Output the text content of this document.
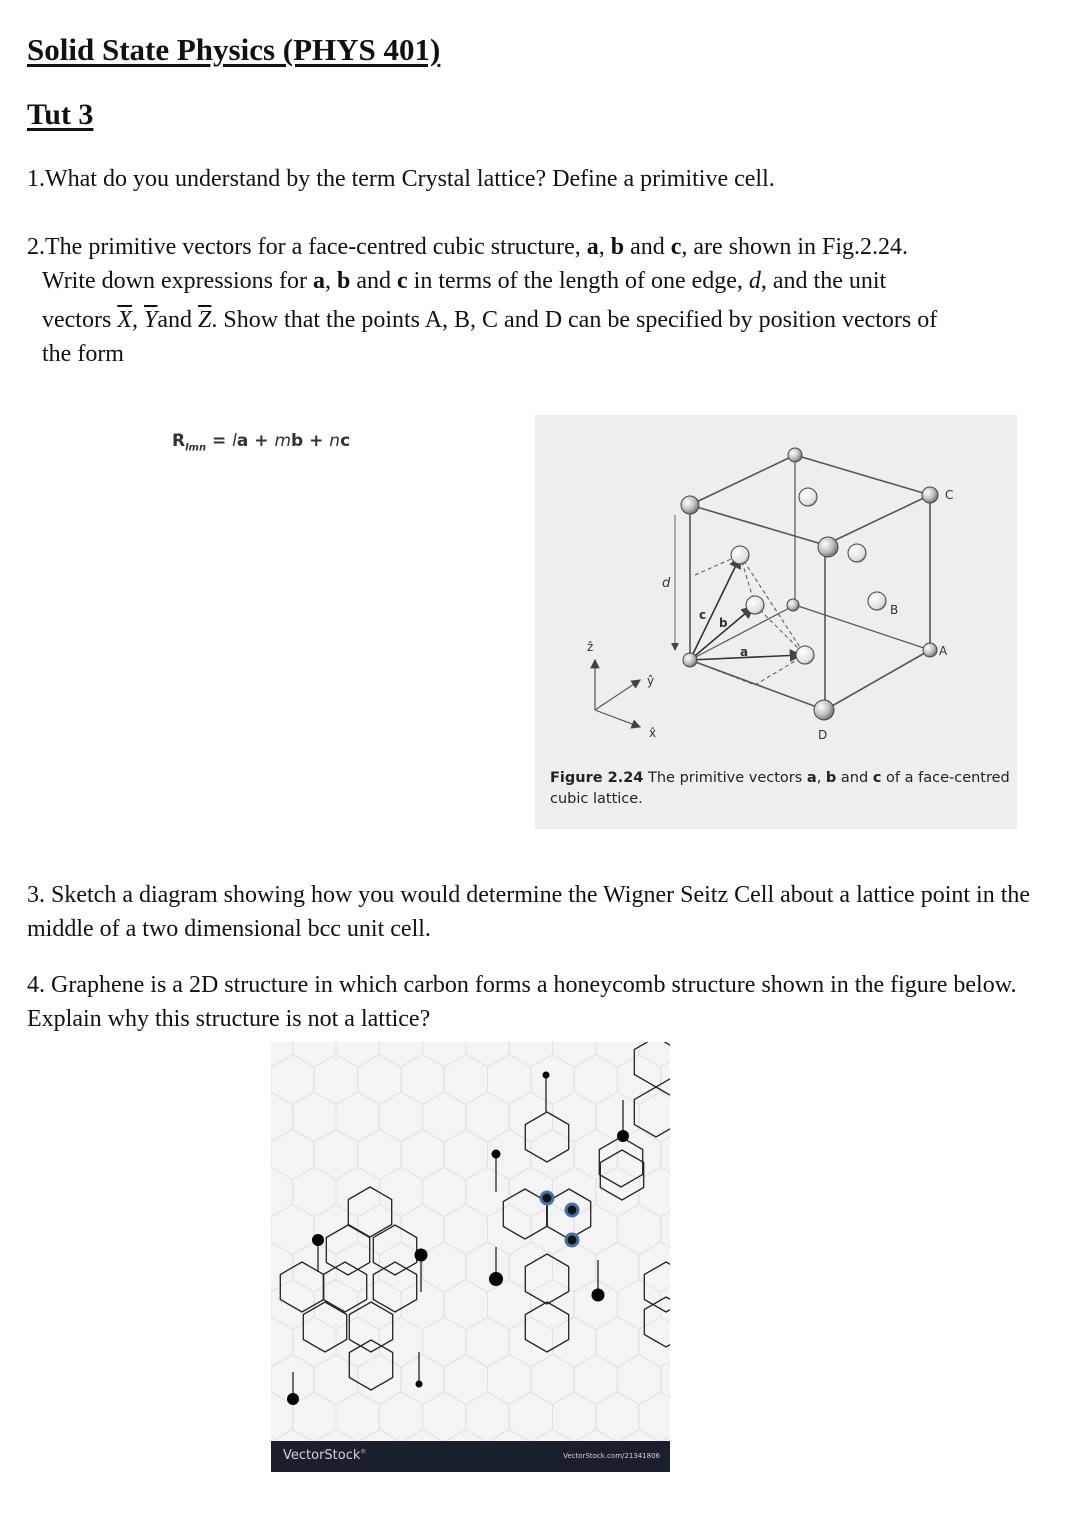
Solid State Physics (PHYS 401)
Tut 3
1.What do you understand by the term Crystal lattice? Define a primitive cell.
2.The primitive vectors for a face-centred cubic structure, a, b and c, are shown in Fig.2.24.
Write down expressions for a, b and c in terms of the length of one edge, d, and the unit
vectors $\overline{X}$, $\overline{Y}and$ $\overline{Z}$. Show that the points A, B, C and D can be specified by position vectors of
the form
$R_{lmn}$ = la + mb + nc
d
c
b
a
C
B
A
D
ẑ
ŷ
x̂
Figure 2.24 The primitive vectors a, b and c of a face-centred cubic lattice.
3. Sketch a diagram showing how you would determine the Wigner Seitz Cell about a lattice point in the middle of a two dimensional bcc unit cell.
4. Graphene is a 2D structure in which carbon forms a honeycomb structure shown in the figure below. Explain why this structure is not a lattice?
VectorStock®	VectorStock.com/21341806
